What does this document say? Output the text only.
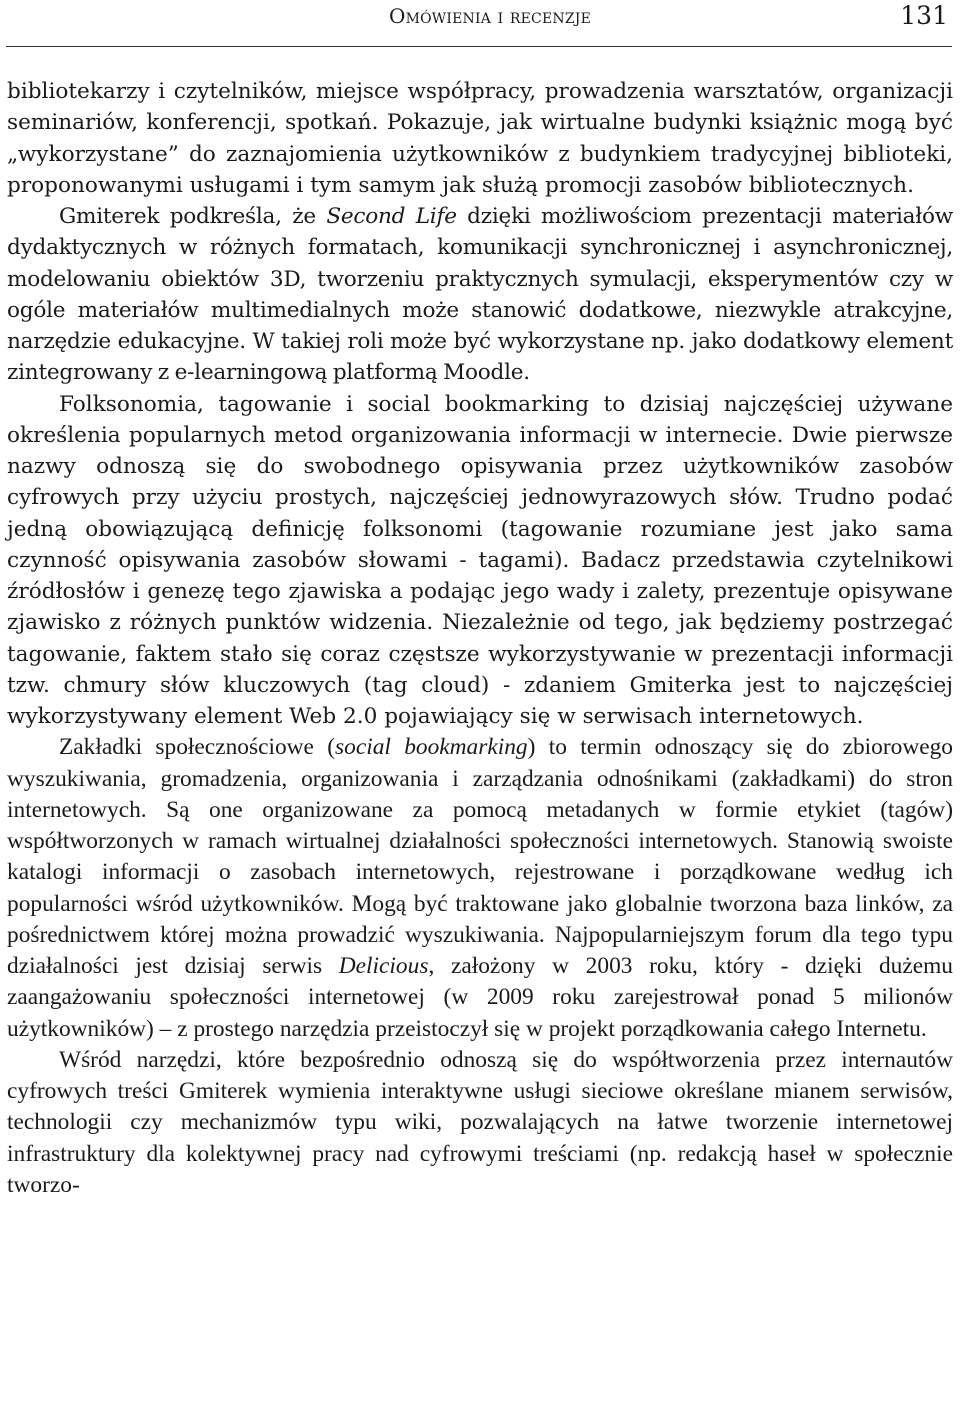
Omówienia i recenzje	131

bibliotekarzy i czytelników, miejsce współpracy, prowadzenia warsztatów, organizacji seminariów, konferencji, spotkań. Pokazuje, jak wirtualne budynki książnic mogą być „wykorzystane” do zaznajomienia użytkowników z budynkiem tradycyjnej biblioteki, proponowanymi usługami i tym samym jak służą promocji zasobów bibliotecznych.

Gmiterek podkreśla, że Second Life dzięki możliwościom prezentacji materiałów dydaktycznych w różnych formatach, komunikacji synchronicznej i asynchronicznej, modelowaniu obiektów 3D, tworzeniu praktycznych symulacji, eksperymentów czy w ogóle materiałów multimedialnych może stanowić dodatkowe, niezwykle atrakcyjne, narzędzie edukacyjne. W takiej roli może być wykorzystane np. jako dodatkowy element zintegrowany z e-learningową platformą Moodle.

Folksonomia, tagowanie i social bookmarking to dzisiaj najczęściej używane określenia popularnych metod organizowania informacji w internecie. Dwie pierwsze nazwy odnoszą się do swobodnego opisywania przez użytkowników zasobów cyfrowych przy użyciu prostych, najczęściej jednowyrazowych słów. Trudno podać jedną obowiązującą definicję folksonomi (tagowanie rozumiane jest jako sama czynność opisywania zasobów słowami - tagami). Badacz przedstawia czytelnikowi źródłosłów i genezę tego zjawiska a podając jego wady i zalety, prezentuje opisywane zjawisko z różnych punktów widzenia. Niezależnie od tego, jak będziemy postrzegać tagowanie, faktem stało się coraz częstsze wykorzystywanie w prezentacji informacji tzw. chmury słów kluczowych (tag cloud) - zdaniem Gmiterka jest to najczęściej wykorzystywany element Web 2.0 pojawiający się w serwisach internetowych.

Zakładki społecznościowe (social bookmarking) to termin odnoszący się do zbiorowego wyszukiwania, gromadzenia, organizowania i zarządzania odnośnikami (zakładkami) do stron internetowych. Są one organizowane za pomocą metadanych w formie etykiet (tagów) współtworzonych w ramach wirtualnej działalności społeczności internetowych. Stanowią swoiste katalogi informacji o zasobach internetowych, rejestrowane i porządkowane według ich popularności wśród użytkowników. Mogą być traktowane jako globalnie tworzona baza linków, za pośrednictwem której można prowadzić wyszukiwania. Najpopularniejszym forum dla tego typu działalności jest dzisiaj serwis Delicious, założony w 2003 roku, który - dzięki dużemu zaangażowaniu społeczności internetowej (w 2009 roku zarejestrował ponad 5 milionów użytkowników) – z prostego narzędzia przeistoczył się w projekt porządkowania całego Internetu.

Wśród narzędzi, które bezpośrednio odnoszą się do współtworzenia przez internautów cyfrowych treści Gmiterek wymienia interaktywne usługi sieciowe określane mianem serwisów, technologii czy mechanizmów typu wiki, pozwalających na łatwe tworzenie internetowej infrastruktury dla kolektywnej pracy nad cyfrowymi treściami (np. redakcją haseł w społecznie tworzo-
